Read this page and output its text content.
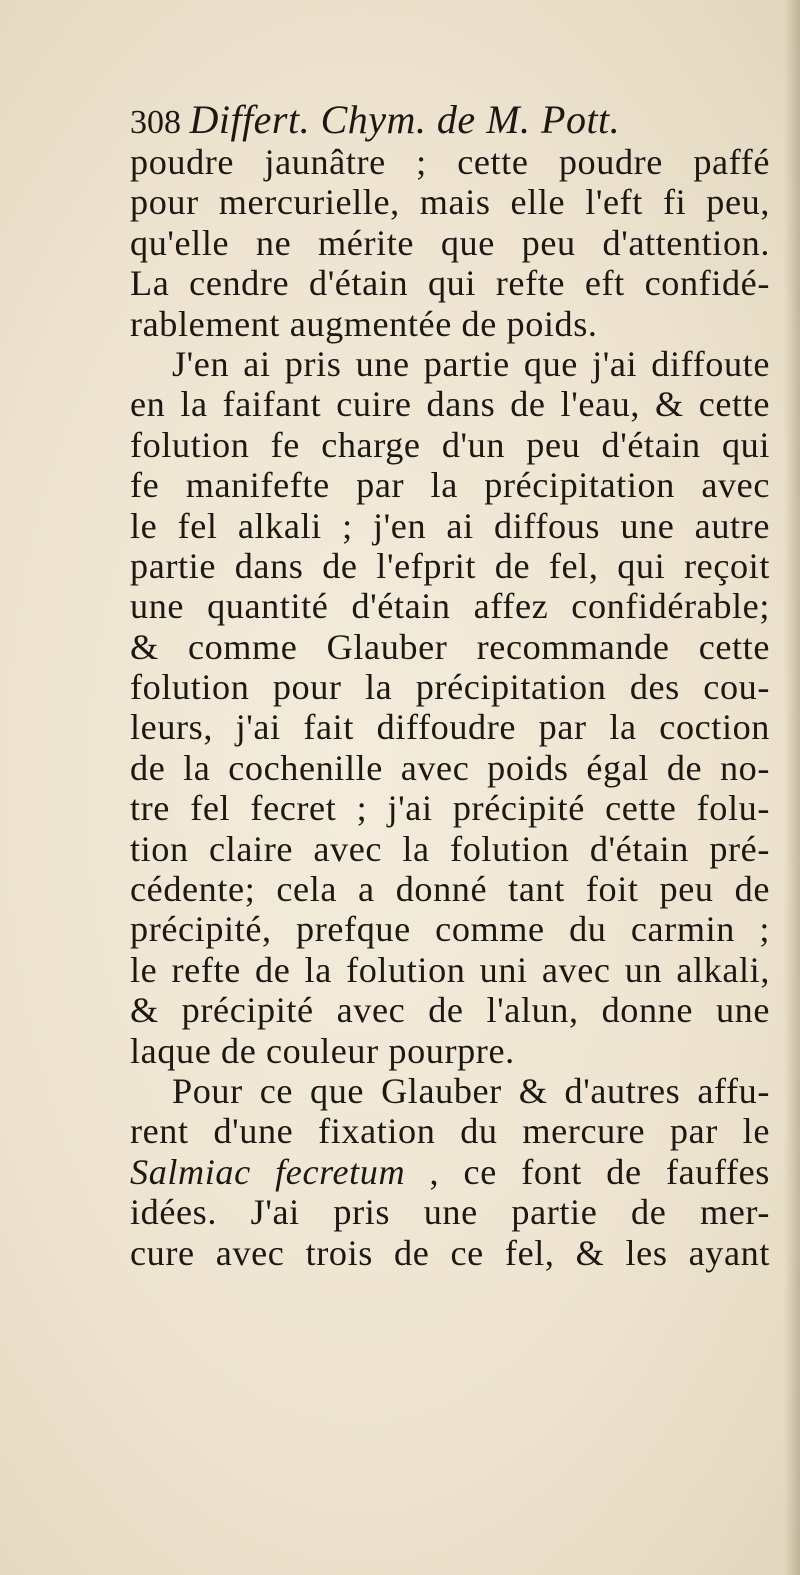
308 Differt. Chym. de M. Pott.
poudre jaunâtre ; cette poudre paffé
pour mercurielle, mais elle l'eft fi peu,
qu'elle ne mérite que peu d'attention.
La cendre d'étain qui refte eft confidé-
rablement augmentée de poids.
J'en ai pris une partie que j'ai diffoute
en la faifant cuire dans de l'eau, & cette
folution fe charge d'un peu d'étain qui
fe manifefte par la précipitation avec
le fel alkali ; j'en ai diffous une autre
partie dans de l'efprit de fel, qui reçoit
une quantité d'étain affez confidérable;
& comme Glauber recommande cette
folution pour la précipitation des cou-
leurs, j'ai fait diffoudre par la coction
de la cochenille avec poids égal de no-
tre fel fecret ; j'ai précipité cette folu-
tion claire avec la folution d'étain pré-
cédente; cela a donné tant foit peu de
précipité, prefque comme du carmin ;
le refte de la folution uni avec un alkali,
& précipité avec de l'alun, donne une
laque de couleur pourpre.
Pour ce que Glauber & d'autres affu-
rent d'une fixation du mercure par le
Salmiac fecretum , ce font de fauffes
idées. J'ai pris une partie de mer-
cure avec trois de ce fel, & les ayant
